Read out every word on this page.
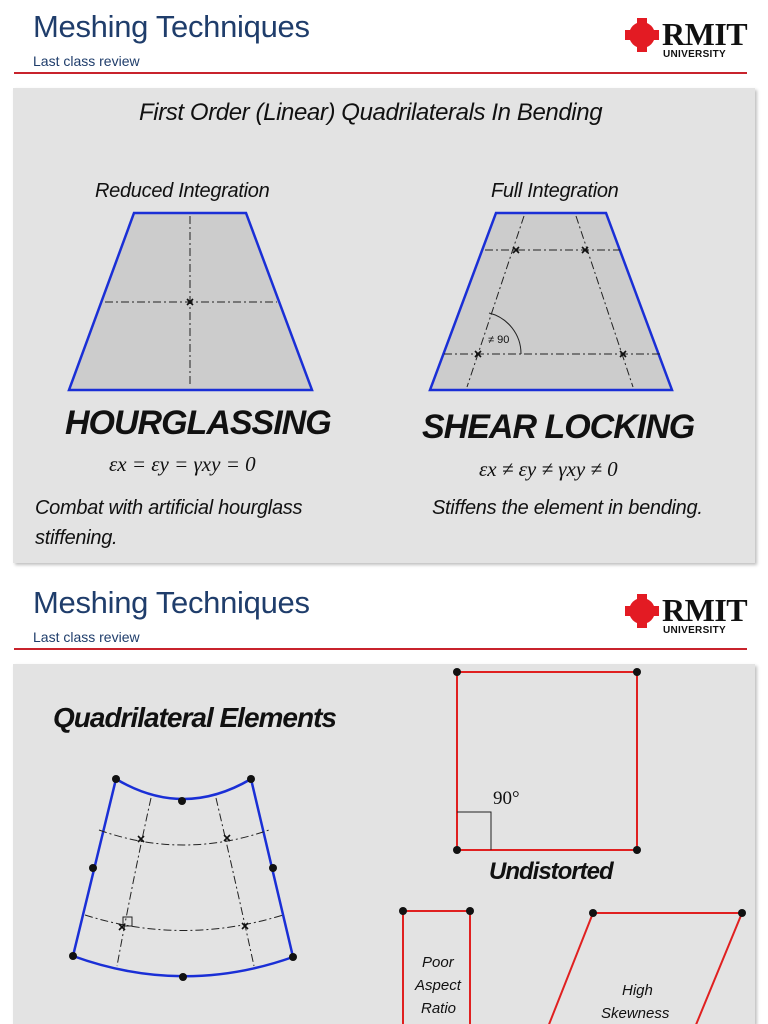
Meshing Techniques
Last class review
RMIT
UNIVERSITY
First Order (Linear) Quadrilaterals In Bending
Reduced Integration	Full Integration
≠ 90
HOURGLASSING	SHEAR LOCKING
εx = εy = γxy = 0	εx ≠ εy ≠ γxy ≠ 0
Combat with artificial hourglass
stiffening.
Stiffens the element in bending.
Meshing Techniques
Last class review
RMIT
UNIVERSITY
Quadrilateral Elements
90°
Undistorted
Poor
Aspect
Ratio
High
Skewness
